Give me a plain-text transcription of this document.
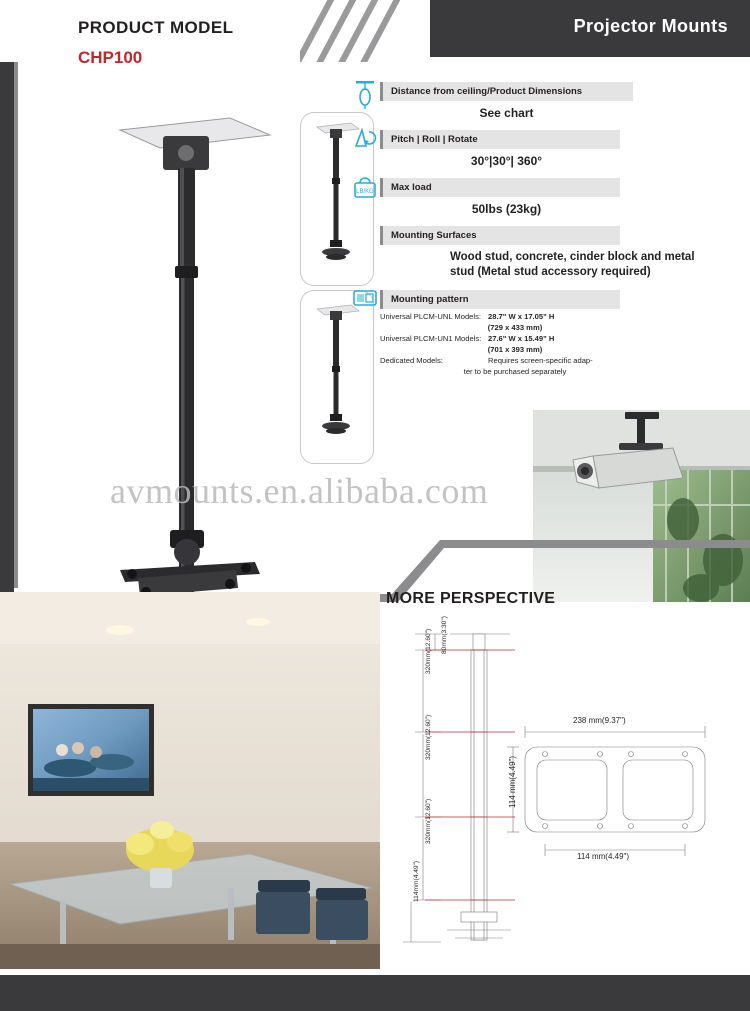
Projector Mounts
PRODUCT MODEL
CHP100
Distance from ceiling/Product Dimensions
See chart
Pitch | Roll | Rotate
30°|30°| 360°
LB/KG	Max load
50lbs (23kg)
Mounting Surfaces
Wood stud, concrete, cinder block and metal stud (Metal stud accessory required)
Mounting pattern
Universal PLCM-UNL Models: 28.7" W x 17.05" H
(729 x 433 mm)
Universal PLCM-UN1 Models: 27.6" W x 15.49" H
(701 x 393 mm)
Dedicated Models:	Requires screen-specific adap-
ter to be purchased separately
avmounts.en.alibaba.com
MORE PERSPECTIVE
80mm(3.30")
320mm(12.60")
320mm(12.60")
320mm(12.60")
114mm(4.49")
238 mm(9.37")
114 mm(4.49")
114 mm(4.49")
